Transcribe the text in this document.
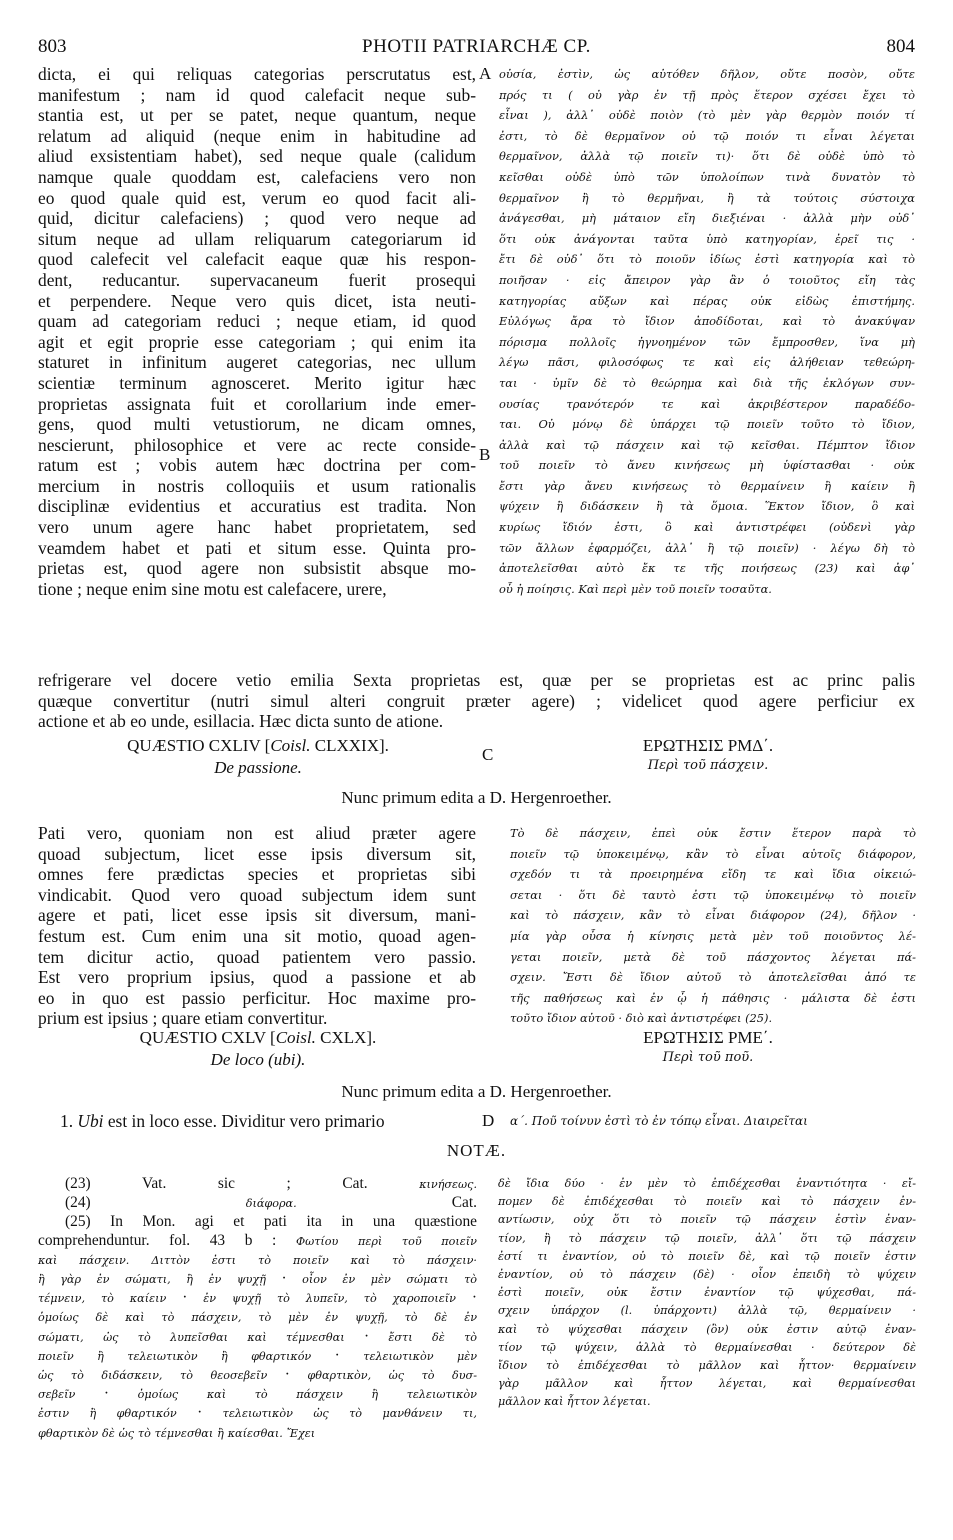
803	PHOTII PATRIARCHÆ CP.	804
dicta, ei qui reliquas categorias perscrutatus est,
manifestum ; nam id quod calefacit neque sub-
stantia est, ut per se patet, neque quantum, neque
relatum ad aliquid (neque enim in habitudine ad
aliud exsistentiam habet), sed neque quale (calidum
namque quale quoddam est, calefaciens vero non
eo quod quale quid est, verum eo quod facit ali-
quid, dicitur calefaciens) ; quod vero neque ad
situm neque ad ullam reliquarum categoriarum id
quod calefecit vel calefacit eaque quæ his respon-
dent, reducantur. supervacaneum fuerit prosequi
et perpendere. Neque vero quis dicet, ista neuti-
quam ad categoriam reduci ; neque etiam, id quod
agit et egit proprie esse categoriam ; qui enim ita
staturet in infinitum augeret categorias, nec ullum
scientiæ terminum agnosceret. Merito igitur hæc
proprietas assignata fuit et corollarium inde emer-
gens, quod multi vetustiorum, ne dicam omnes,
nescierunt, philosophice et vere ac recte conside-
ratum est ; vobis autem hæc doctrina per com-
mercium in nostris colloquiis et usum rationalis
disciplinæ evidentius et accuratius est tradita. Non
vero unum agere hanc habet proprietatem, sed
veamdem habet et pati et situm esse. Quinta pro-
prietas est, quod agere non subsistit absque mo-
tione ; neque enim sine motu est calefacere, urere,
A
B
οὐσία, ἐστὶν, ὡς αὐτόθεν δῆλον, οὔτε ποσὸν, οὔτε
πρός τι ( οὐ γὰρ ἐν τῇ πρὸς ἕτερον σχέσει ἔχει τὸ
εἶναι ), ἀλλ᾽ οὐδὲ ποιὸν (τὸ μὲν γὰρ θερμὸν ποιόν τί
ἐστι, τὸ δὲ θερμαῖνον οὐ τῷ ποιόν τι εἶναι λέγεται
θερμαῖνον, ἀλλὰ τῷ ποιεῖν τι)· ὅτι δὲ οὐδὲ ὑπὸ τὸ
κεῖσθαι οὐδὲ ὑπὸ τῶν ὑπολοίπων τινὰ δυνατὸν τὸ
θερμαῖνον ἢ τὸ θερμῆναι, ἢ τὰ τούτοις σύστοιχα
ἀνάγεσθαι, μὴ μάταιον εἴη διεξιέναι · ἀλλὰ μὴν οὐδ᾽
ὅτι οὐκ ἀνάγονται ταῦτα ὑπὸ κατηγορίαν, ἐρεῖ τις ·
ἔτι δὲ οὐδ᾽ ὅτι τὸ ποιοῦν ἰδίως ἐστὶ κατηγορία καὶ τὸ
ποιῆσαν · εἰς ἄπειρον γὰρ ἂν ὁ τοιοῦτος εἴη τὰς
κατηγορίας αὔξων καὶ πέρας οὐκ εἰδὼς ἐπιστήμης.
Εὐλόγως ἄρα τὸ ἴδιον ἀποδίδοται, καὶ τὸ ἀνακύψαν
πόρισμα πολλοῖς ἠγνοημένον τῶν ἔμπροσθεν, ἵνα μὴ
λέγω πᾶσι, φιλοσόφως τε καὶ εἰς ἀλήθειαν τεθεώρη-
ται · ὑμῖν δὲ τὸ θεώρημα καὶ διὰ τῆς ἐκλόγων συν-
ουσίας τρανότερόν τε καὶ ἀκριβέστερον παραδέδο-
ται. Οὐ μόνῳ δὲ ὑπάρχει τῷ ποιεῖν τοῦτο τὸ ἴδιον,
ἀλλὰ καὶ τῷ πάσχειν καὶ τῷ κεῖσθαι. Πέμπτον ἴδιον
τοῦ ποιεῖν τὸ ἄνευ κινήσεως μὴ ὑφίστασθαι · οὐκ
ἔστι γὰρ ἄνευ κινήσεως τὸ θερμαίνειν ἢ καίειν ἢ
ψύχειν ἢ διδάσκειν ἢ τὰ ὅμοια. Ἕκτον ἴδιον, ὃ καὶ
κυρίως ἴδιόν ἐστι, ὃ καὶ ἀντιστρέφει (οὐδενὶ γὰρ
τῶν ἄλλων ἐφαρμόζει, ἀλλ᾽ ἢ τῷ ποιεῖν) · λέγω δὴ τὸ
ἀποτελεῖσθαι αὐτὸ ἔκ τε τῆς ποιήσεως (23) καὶ ἀφ᾽
οὗ ἡ ποίησις. Καὶ περὶ μὲν τοῦ ποιεῖν τοσαῦτα.
refrigerare vel docere vetio emilia Sexta proprietas est, quæ per se proprietas est ac princ palis
quæque convertitur (nutri simul alteri congruit præter agere) ; videlicet quod agere perficiur ex
actione et ab eo unde, esillacia. Hæc dicta sunto de atione.
QUÆSTIO CXLIV [Coisl. CLXXIX].
De passione.
C	ΕΡΩΤΗΣΙΣ ΡΜΔ΄.
Περὶ τοῦ πάσχειν.
Nunc primum edita a D. Hergenroether.
Pati vero, quoniam non est aliud præter agere
quoad subjectum, licet esse ipsis diversum sit,
omnes fere prædictas species et proprietas sibi
vindicabit. Quod vero quoad subjectum idem sunt
agere et pati, licet esse ipsis sit diversum, mani-
festum est. Cum enim una sit motio, quoad agen-
tem dicitur actio, quoad patientem vero passio.
Est vero proprium ipsius, quod a passione et ab
eo in quo est passio perficitur. Hoc maxime pro-
prium est ipsius ; quare etiam convertitur.
Τὸ δὲ πάσχειν, ἐπεὶ οὐκ ἔστιν ἕτερον παρὰ τὸ
ποιεῖν τῷ ὑποκειμένῳ, κἂν τὸ εἶναι αὐτοῖς διάφορον,
σχεδόν τι τὰ προειρημένα εἴδη τε καὶ ἴδια οἰκειώ-
σεται · ὅτι δὲ ταυτὸ ἐστι τῷ ὑποκειμένῳ τὸ ποιεῖν
καὶ τὸ πάσχειν, κἂν τὸ εἶναι διάφορον (24), δῆλον ·
μία γὰρ οὖσα ἡ κίνησις μετὰ μὲν τοῦ ποιοῦντος λέ-
γεται ποιεῖν, μετὰ δὲ τοῦ πάσχοντος λέγεται πά-
σχειν. Ἔστι δὲ ἴδιον αὐτοῦ τὸ ἀποτελεῖσθαι ἀπό τε
τῆς παθήσεως καὶ ἐν ᾧ ἡ πάθησις · μάλιστα δὲ ἐστι
τοῦτο ἴδιον αὐτοῦ · διὸ καὶ ἀντιστρέφει (25).
QUÆSTIO CXLV [Coisl. CXLX].
De loco (ubi).
ΕΡΩΤΗΣΙΣ ΡΜΕ΄.
Περὶ τοῦ ποῦ.
Nunc primum edita a D. Hergenroether.
1. Ubi est in loco esse. Dividitur vero primario	D α΄. Ποῦ τοίνυν ἐστὶ τὸ ἐν τόπῳ εἶναι. Διαιρεῖται
NOTÆ.
(23)	Vat.	sic	;	Cat.	κινήσεως.
(24)	διάφορα.	Cat.
(25) In Mon. agi et pati ita in una quæstione
comprehenduntur. fol. 43 b : Φωτίου περὶ τοῦ ποιεῖν
καὶ πάσχειν. Διττὸν ἐστι τὸ ποιεῖν καὶ τὸ πάσχειν·
ἢ γὰρ ἐν σώματι, ἢ ἐν ψυχῇ · οἷον ἐν μὲν σώματι τὸ
τέμνειν, τὸ καίειν · ἐν ψυχῇ τὸ λυπεῖν, τὸ χαροποιεῖν ·
ὁμοίως δὲ καὶ τὸ πάσχειν, τὸ μὲν ἐν ψυχῇ, τὸ δὲ ἐν
σώματι, ὡς τὸ λυπεῖσθαι καὶ τέμνεσθαι · ἔστι δὲ τὸ
ποιεῖν ἢ τελειωτικὸν ἢ φθαρτικόν · τελειωτικὸν μὲν
ὡς τὸ διδάσκειν, τὸ θεοσεβεῖν · φθαρτικὸν, ὡς τὸ δυσ-
σεβεῖν ·	ὁμοίως	καὶ	τὸ	πάσχειν	ἢ	τελειωτικὸν
ἐστιν ἢ φθαρτικόν · τελειωτικὸν ὡς τὸ μανθάνειν τι,
φθαρτικὸν δὲ ὡς τὸ τέμνεσθαι ἢ καίεσθαι. Ἔχει
δὲ ἴδια δύο · ἐν μὲν τὸ ἐπιδέχεσθαι ἐναντιότητα · εἴ-
πομεν δὲ ἐπιδέχεσθαι τὸ ποιεῖν καὶ τὸ πάσχειν ἐν-
αντίωσιν, οὐχ ὅτι τὸ ποιεῖν τῷ πάσχειν ἐστὶν ἐναν-
τίον, ἢ τὸ πάσχειν τῷ ποιεῖν, ἀλλ᾽ ὅτι τῷ πάσχειν
ἐστί τι ἐναντίον, οὐ τὸ ποιεῖν δὲ, καὶ τῷ ποιεῖν ἐστιν
ἐναντίον, οὐ τὸ πάσχειν (δὲ) · οἷον ἐπειδὴ τὸ ψύχειν
ἐστὶ ποιεῖν, οὐκ ἔστιν ἐναντίον τῷ ψύχεσθαι, πά-
σχειν ὑπάρχον (l. ὑπάρχοντι) ἀλλὰ τῷ, θερμαίνειν ·
καὶ τὸ ψύχεσθαι πάσχειν (ὂν) οὐκ ἐστιν αὐτῷ ἐναν-
τίον τῷ ψύχειν, ἀλλὰ τὸ θερμαίνεσθαι · δεύτερον δὲ
ἴδιον τὸ ἐπιδέχεσθαι τὸ μᾶλλον καὶ ἧττον· θερμαίνειν
γὰρ μᾶλλον καὶ ἧττον λέγεται, καὶ θερμαίνεσθαι
μᾶλλον καὶ ἧττον λέγεται.
